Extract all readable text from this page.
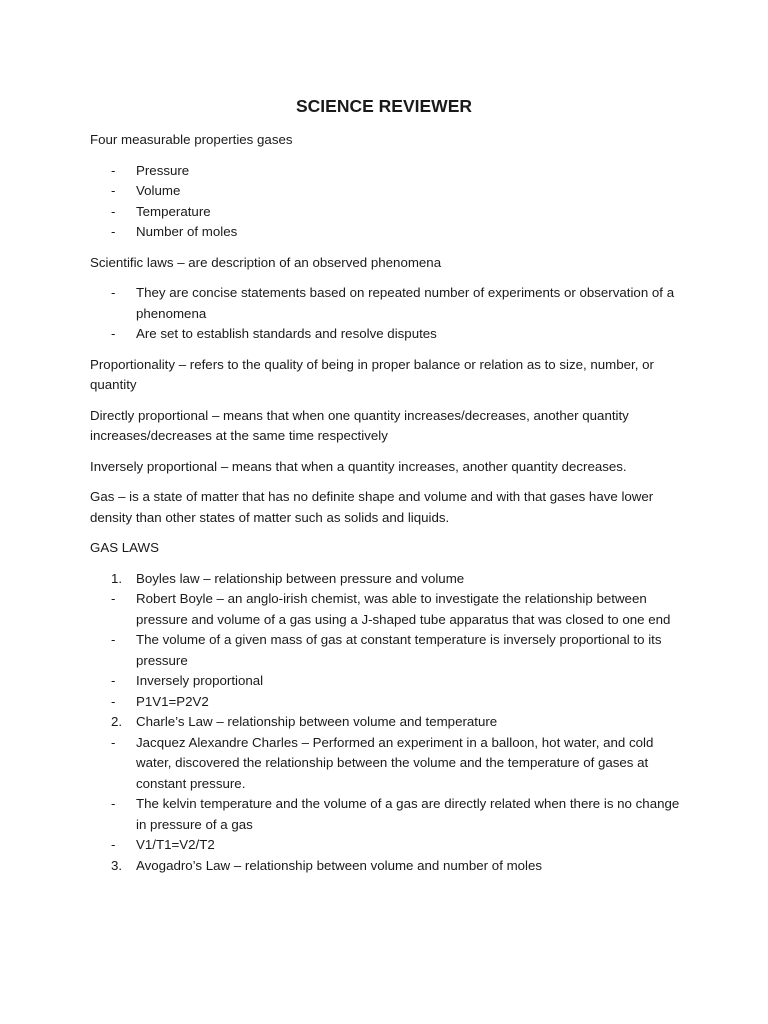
SCIENCE REVIEWER

Four measurable properties gases

- Pressure
- Volume
- Temperature
- Number of moles

Scientific laws – are description of an observed phenomena

- They are concise statements based on repeated number of experiments or observation of a phenomena
- Are set to establish standards and resolve disputes

Proportionality – refers to the quality of being in proper balance or relation as to size, number, or quantity

Directly proportional – means that when one quantity increases/decreases, another quantity increases/decreases at the same time respectively

Inversely proportional – means that when a quantity increases, another quantity decreases.

Gas – is a state of matter that has no definite shape and volume and with that gases have lower density than other states of matter such as solids and liquids.

GAS LAWS

1. Boyles law – relationship between pressure and volume
- Robert Boyle – an anglo-irish chemist, was able to investigate the relationship between pressure and volume of a gas using a J-shaped tube apparatus that was closed to one end
- The volume of a given mass of gas at constant temperature is inversely proportional to its pressure
- Inversely proportional
- P1V1=P2V2
2. Charle’s Law – relationship between volume and temperature
- Jacquez Alexandre Charles – Performed an experiment in a balloon, hot water, and cold water, discovered the relationship between the volume and the temperature of gases at constant pressure.
- The kelvin temperature and the volume of a gas are directly related when there is no change in pressure of a gas
- V1/T1=V2/T2
3. Avogadro’s Law – relationship between volume and number of moles
